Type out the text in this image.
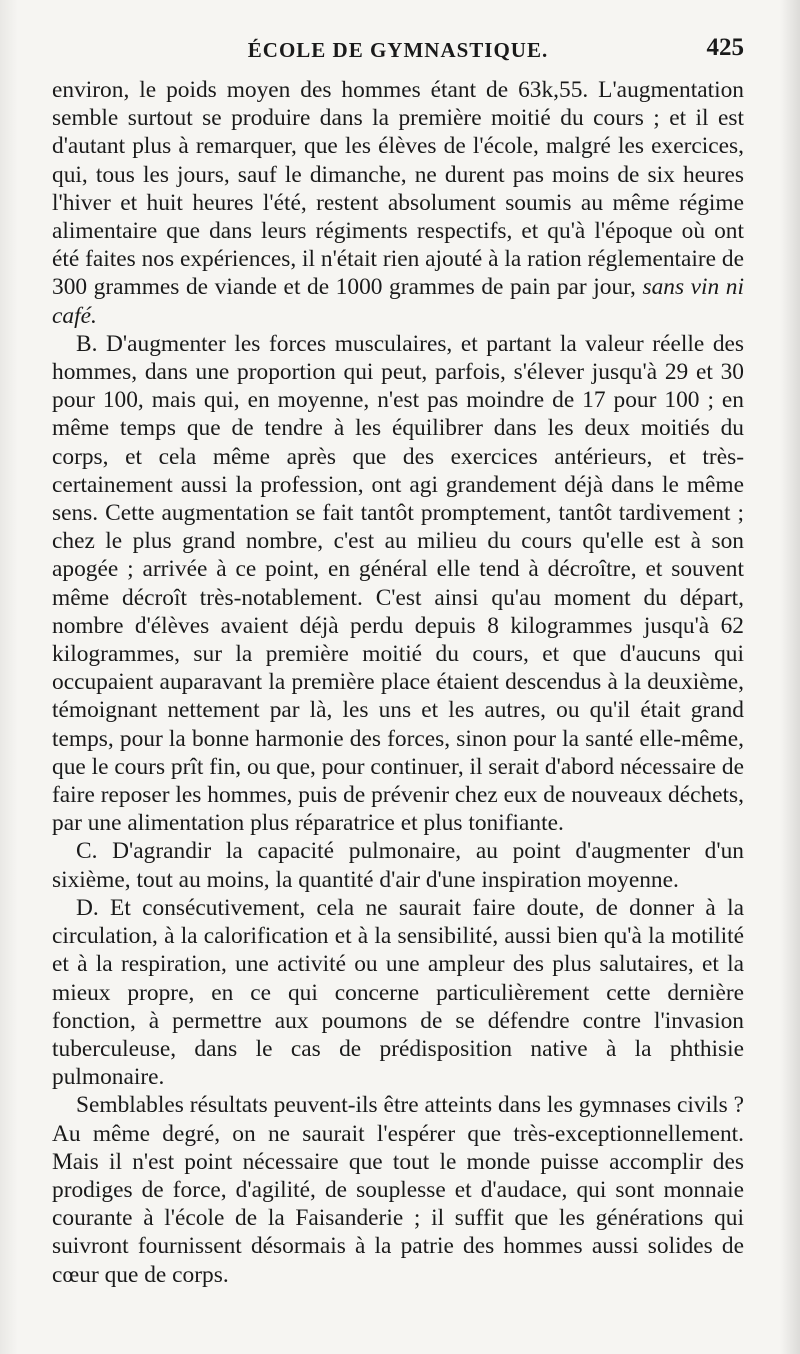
ÉCOLE DE GYMNASTIQUE.	425

environ, le poids moyen des hommes étant de 63k,55. L'augmentation semble surtout se produire dans la première moitié du cours ; et il est d'autant plus à remarquer, que les élèves de l'école, malgré les exercices, qui, tous les jours, sauf le dimanche, ne durent pas moins de six heures l'hiver et huit heures l'été, restent absolument soumis au même régime alimentaire que dans leurs régiments respectifs, et qu'à l'époque où ont été faites nos expériences, il n'était rien ajouté à la ration réglementaire de 300 grammes de viande et de 1000 grammes de pain par jour, sans vin ni café.

B. D'augmenter les forces musculaires, et partant la valeur réelle des hommes, dans une proportion qui peut, parfois, s'élever jusqu'à 29 et 30 pour 100, mais qui, en moyenne, n'est pas moindre de 17 pour 100 ; en même temps que de tendre à les équilibrer dans les deux moitiés du corps, et cela même après que des exercices antérieurs, et très-certainement aussi la profession, ont agi grandement déjà dans le même sens. Cette augmentation se fait tantôt promptement, tantôt tardivement ; chez le plus grand nombre, c'est au milieu du cours qu'elle est à son apogée ; arrivée à ce point, en général elle tend à décroître, et souvent même décroît très-notablement. C'est ainsi qu'au moment du départ, nombre d'élèves avaient déjà perdu depuis 8 kilogrammes jusqu'à 62 kilogrammes, sur la première moitié du cours, et que d'aucuns qui occupaient auparavant la première place étaient descendus à la deuxième, témoignant nettement par là, les uns et les autres, ou qu'il était grand temps, pour la bonne harmonie des forces, sinon pour la santé elle-même, que le cours prît fin, ou que, pour continuer, il serait d'abord nécessaire de faire reposer les hommes, puis de prévenir chez eux de nouveaux déchets, par une alimentation plus réparatrice et plus tonifiante.

C. D'agrandir la capacité pulmonaire, au point d'augmenter d'un sixième, tout au moins, la quantité d'air d'une inspiration moyenne.

D. Et consécutivement, cela ne saurait faire doute, de donner à la circulation, à la calorification et à la sensibilité, aussi bien qu'à la motilité et à la respiration, une activité ou une ampleur des plus salutaires, et la mieux propre, en ce qui concerne particulièrement cette dernière fonction, à permettre aux poumons de se défendre contre l'invasion tuberculeuse, dans le cas de prédisposition native à la phthisie pulmonaire.

Semblables résultats peuvent-ils être atteints dans les gymnases civils ? Au même degré, on ne saurait l'espérer que très-exceptionnellement. Mais il n'est point nécessaire que tout le monde puisse accomplir des prodiges de force, d'agilité, de souplesse et d'audace, qui sont monnaie courante à l'école de la Faisanderie ; il suffit que les générations qui suivront fournissent désormais à la patrie des hommes aussi solides de cœur que de corps.
